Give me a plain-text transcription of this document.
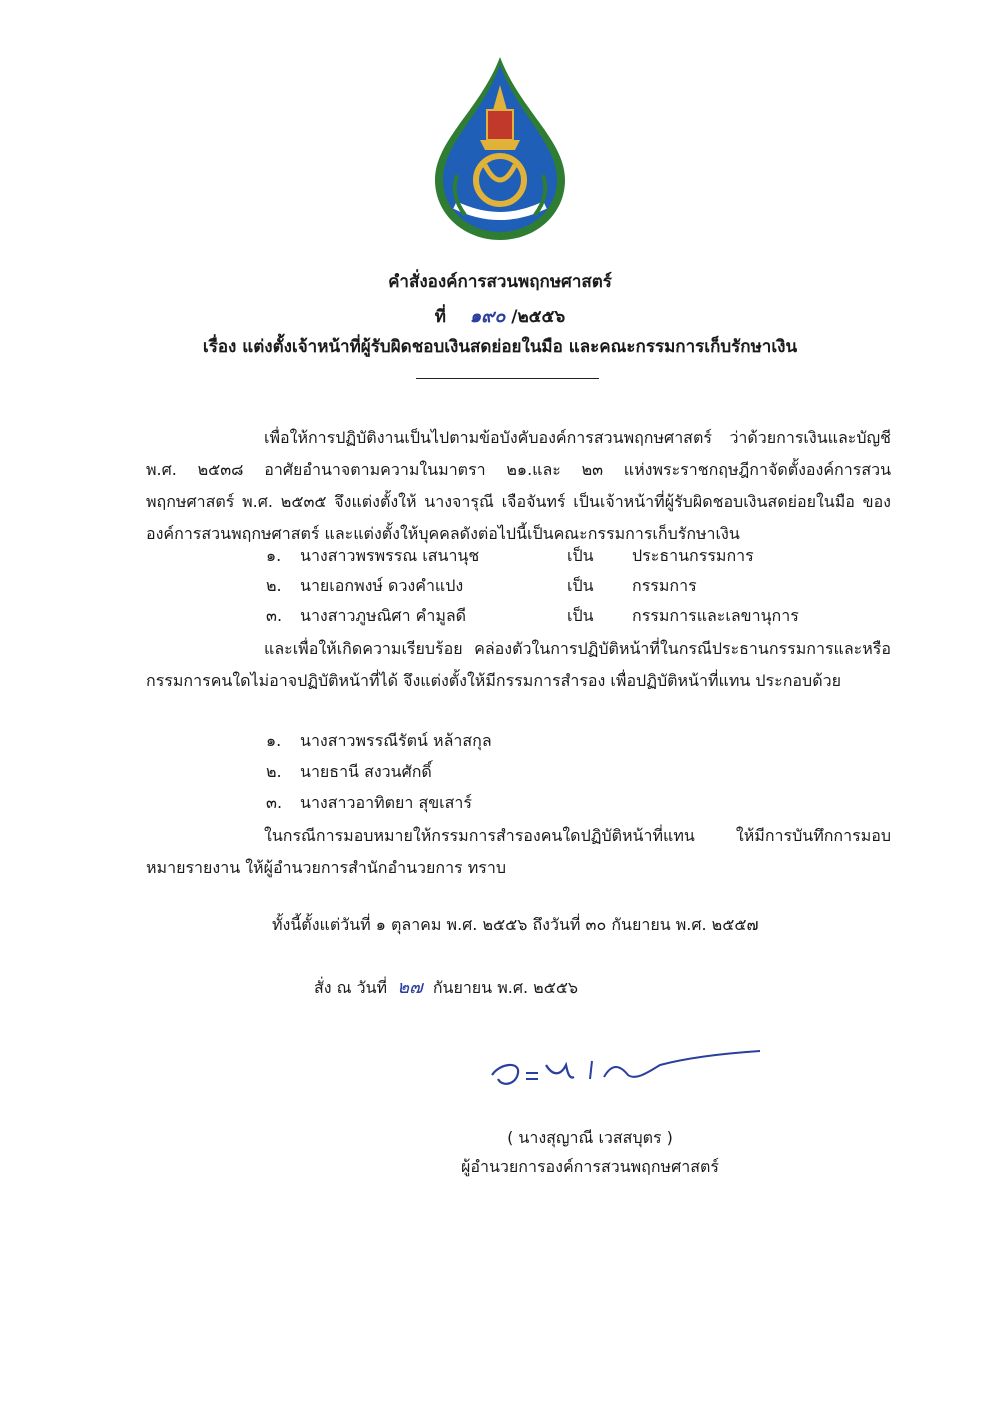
คำสั่งองค์การสวนพฤกษศาสตร์
ที่ ๑๙๐ /๒๕๕๖
เรื่อง แต่งตั้งเจ้าหน้าที่ผู้รับผิดชอบเงินสดย่อยในมือ และคณะกรรมการเก็บรักษาเงิน
เพื่อให้การปฏิบัติงานเป็นไปตามข้อบังคับองค์การสวนพฤกษศาสตร์ ว่าด้วยการเงินและบัญชี พ.ศ. ๒๕๓๘ อาศัยอำนาจตามความในมาตรา ๒๑.และ ๒๓ แห่งพระราชกฤษฎีกาจัดตั้งองค์การสวนพฤกษศาสตร์ พ.ศ. ๒๕๓๕ จึงแต่งตั้งให้ นางจารุณี เจือจันทร์ เป็นเจ้าหน้าที่ผู้รับผิดชอบเงินสดย่อยในมือ ขององค์การสวนพฤกษศาสตร์ และแต่งตั้งให้บุคคลดังต่อไปนี้เป็นคณะกรรมการเก็บรักษาเงิน
๑. นางสาวพรพรรณ เสนานุช	เป็น ประธานกรรมการ
๒. นายเอกพงษ์ ดวงคำแปง	เป็น กรรมการ
๓. นางสาวภูษณิศา คำมูลดี	เป็น กรรมการและเลขานุการ
และเพื่อให้เกิดความเรียบร้อย คล่องตัวในการปฏิบัติหน้าที่ในกรณีประธานกรรมการและหรือกรรมการคนใดไม่อาจปฏิบัติหน้าที่ได้ จึงแต่งตั้งให้มีกรรมการสำรอง เพื่อปฏิบัติหน้าที่แทน ประกอบด้วย
๑. นางสาวพรรณีรัตน์ หล้าสกุล
๒. นายธานี สงวนศักดิ์
๓. นางสาวอาทิตยา สุขเสาร์
ในกรณีการมอบหมายให้กรรมการสำรองคนใดปฏิบัติหน้าที่แทน ให้มีการบันทึกการมอบหมายรายงาน ให้ผู้อำนวยการสำนักอำนวยการ ทราบ
ทั้งนี้ตั้งแต่วันที่ ๑ ตุลาคม พ.ศ. ๒๕๕๖ ถึงวันที่ ๓๐ กันยายน พ.ศ. ๒๕๕๗
สั่ง ณ วันที่ ๒๗ กันยายน พ.ศ. ๒๕๕๖
( นางสุญาณี เวสสบุตร )
ผู้อำนวยการองค์การสวนพฤกษศาสตร์
